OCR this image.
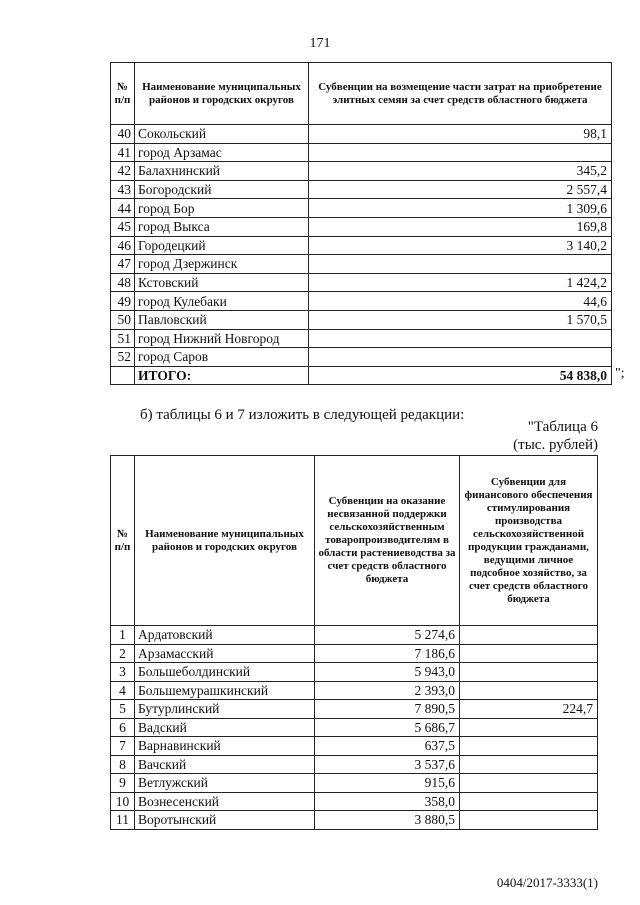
171
№ п/п	Наименование муниципальных районов и городских округов	Субвенции на возмещение части затрат на приобретение элитных семян за счет средств областного бюджета
40	Сокольский	98,1
41	город Арзамас	
42	Балахнинский	345,2
43	Богородский	2 557,4
44	город Бор	1 309,6
45	город Выкса	169,8
46	Городецкий	3 140,2
47	город Дзержинск	
48	Кстовский	1 424,2
49	город Кулебаки	44,6
50	Павловский	1 570,5
51	город Нижний Новгород	
52	город Саров	
	ИТОГО:	54 838,0 ";
б) таблицы 6 и 7 изложить в следующей редакции:
"Таблица 6
(тыс. рублей)
№ п/п	Наименование муниципальных районов и городских округов	Субвенции на оказание несвязанной поддержки сельскохозяйственным товаропроизводителям в области растениеводства за счет средств областного бюджета	Субвенции для финансового обеспечения стимулирования производства сельскохозяйственной продукции гражданами, ведущими личное подсобное хозяйство, за счет средств областного бюджета
1	Ардатовский	5 274,6	
2	Арзамасский	7 186,6	
3	Большеболдинский	5 943,0	
4	Большемурашкинский	2 393,0	
5	Бутурлинский	7 890,5	224,7
6	Вадский	5 686,7	
7	Варнавинский	637,5	
8	Вачский	3 537,6	
9	Ветлужский	915,6	
10	Вознесенский	358,0	
11	Воротынский	3 880,5	
0404/2017-3333(1)
